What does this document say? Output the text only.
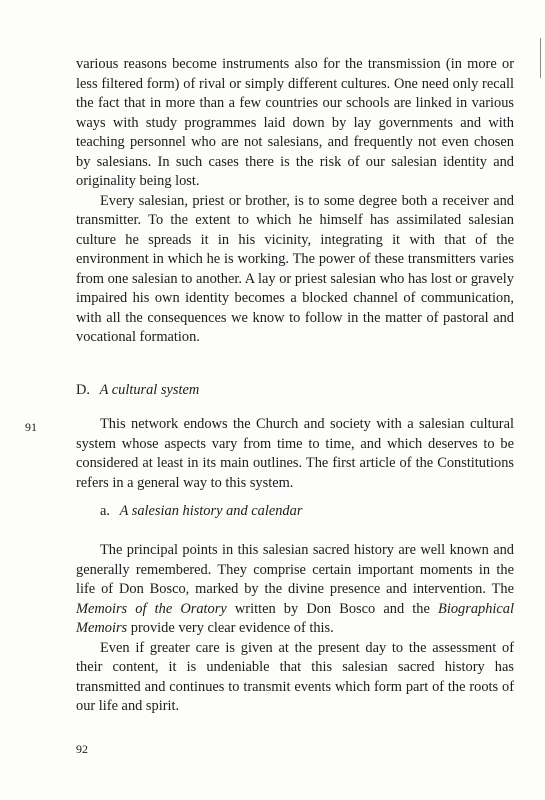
various reasons become instruments also for the transmission (in more or less filtered form) of rival or simply different cultures. One need only recall the fact that in more than a few countries our schools are linked in various ways with study programmes laid down by lay governments and with teaching personnel who are not salesians, and frequently not even chosen by salesians. In such cases there is the risk of our salesian identity and originality being lost.

Every salesian, priest or brother, is to some degree both a receiver and transmitter. To the extent to which he himself has assimilated salesian culture he spreads it in his vicinity, integrating it with that of the environment in which he is working. The power of these transmitters varies from one salesian to another. A lay or priest salesian who has lost or gravely impaired his own identity becomes a blocked channel of communication, with all the consequences we know to follow in the matter of pastoral and vocational formation.

D. A cultural system
91	This network endows the Church and society with a salesian cultural system whose aspects vary from time to time, and which deserves to be considered at least in its main outlines. The first article of the Constitutions refers in a general way to this system.

a. A salesian history and calendar

The principal points in this salesian sacred history are well known and generally remembered. They comprise certain important moments in the life of Don Bosco, marked by the divine presence and intervention. The Memoirs of the Oratory written by Don Bosco and the Biographical Memoirs provide very clear evidence of this.

Even if greater care is given at the present day to the assessment of their content, it is undeniable that this salesian sacred history has transmitted and continues to transmit events which form part of the roots of our life and spirit.

92
